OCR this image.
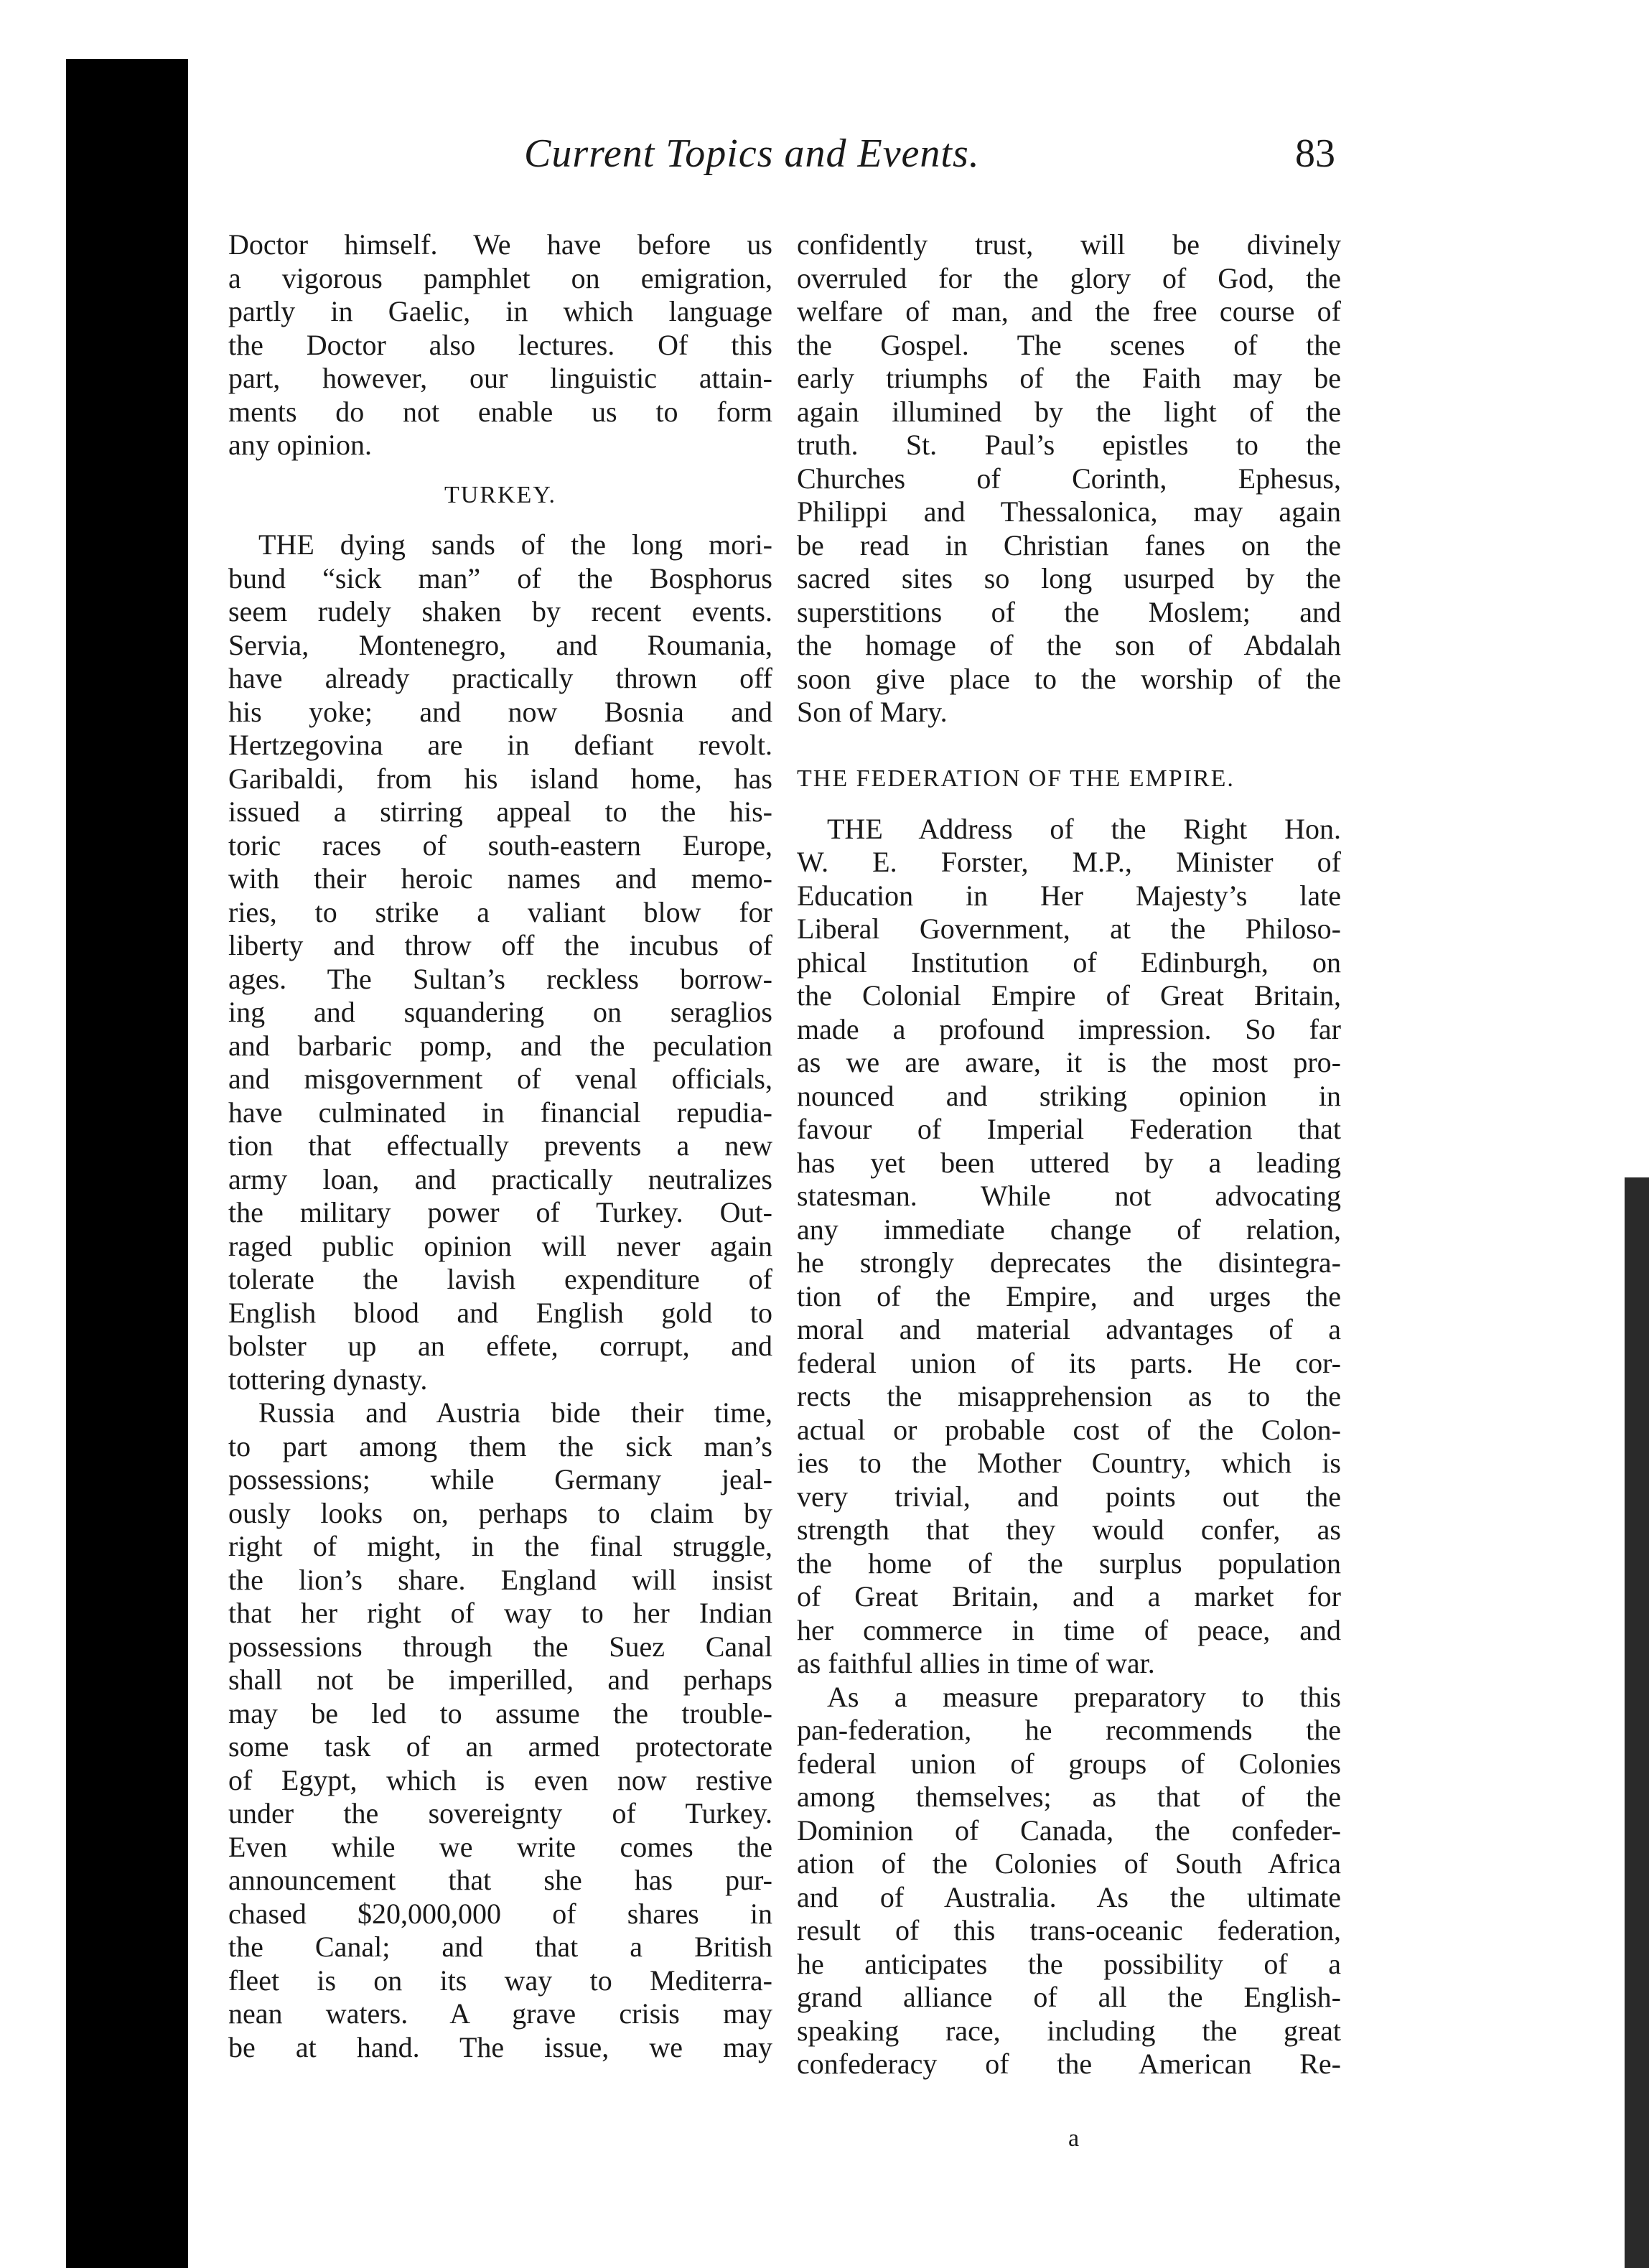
Current Topics and Events.	83
Doctor himself. We have before us
a vigorous pamphlet on emigration,
partly in Gaelic, in which language
the Doctor also lectures. Of this
part, however, our linguistic attain-
ments do not enable us to form
any opinion.
TURKEY.
THE dying sands of the long mori-
bund “sick man” of the Bosphorus
seem rudely shaken by recent events.
Servia, Montenegro, and Roumania,
have already practically thrown off
his yoke; and now Bosnia and
Hertzegovina are in defiant revolt.
Garibaldi, from his island home, has
issued a stirring appeal to the his-
toric races of south-eastern Europe,
with their heroic names and memo-
ries, to strike a valiant blow for
liberty and throw off the incubus of
ages. The Sultan’s reckless borrow-
ing and squandering on seraglios
and barbaric pomp, and the peculation
and misgovernment of venal officials,
have culminated in financial repudia-
tion that effectually prevents a new
army loan, and practically neutralizes
the military power of Turkey. Out-
raged public opinion will never again
tolerate the lavish expenditure of
English blood and English gold to
bolster up an effete, corrupt, and
tottering dynasty.
Russia and Austria bide their time,
to part among them the sick man’s
possessions; while Germany jeal-
ously looks on, perhaps to claim by
right of might, in the final struggle,
the lion’s share. England will insist
that her right of way to her Indian
possessions through the Suez Canal
shall not be imperilled, and perhaps
may be led to assume the trouble-
some task of an armed protectorate
of Egypt, which is even now restive
under the sovereignty of Turkey.
Even while we write comes the
announcement that she has pur-
chased $20,000,000 of shares in
the Canal; and that a British
fleet is on its way to Mediterra-
nean waters. A grave crisis may
be at hand. The issue, we may
confidently trust, will be divinely
overruled for the glory of God, the
welfare of man, and the free course of
the Gospel. The scenes of the
early triumphs of the Faith may be
again illumined by the light of the
truth. St. Paul’s epistles to the
Churches of Corinth, Ephesus,
Philippi and Thessalonica, may again
be read in Christian fanes on the
sacred sites so long usurped by the
superstitions of the Moslem; and
the homage of the son of Abdalah
soon give place to the worship of the
Son of Mary.
THE FEDERATION OF THE EMPIRE.
THE Address of the Right Hon.
W. E. Forster, M.P., Minister of
Education in Her Majesty’s late
Liberal Government, at the Philoso-
phical Institution of Edinburgh, on
the Colonial Empire of Great Britain,
made a profound impression. So far
as we are aware, it is the most pro-
nounced and striking opinion in
favour of Imperial Federation that
has yet been uttered by a leading
statesman. While not advocating
any immediate change of relation,
he strongly deprecates the disintegra-
tion of the Empire, and urges the
moral and material advantages of a
federal union of its parts. He cor-
rects the misapprehension as to the
actual or probable cost of the Colon-
ies to the Mother Country, which is
very trivial, and points out the
strength that they would confer, as
the home of the surplus population
of Great Britain, and a market for
her commerce in time of peace, and
as faithful allies in time of war.
As a measure preparatory to this
pan-federation, he recommends the
federal union of groups of Colonies
among themselves; as that of the
Dominion of Canada, the confeder-
ation of the Colonies of South Africa
and of Australia. As the ultimate
result of this trans-oceanic federation,
he anticipates the possibility of a
grand alliance of all the English-
speaking race, including the great
confederacy of the American Re-
a
